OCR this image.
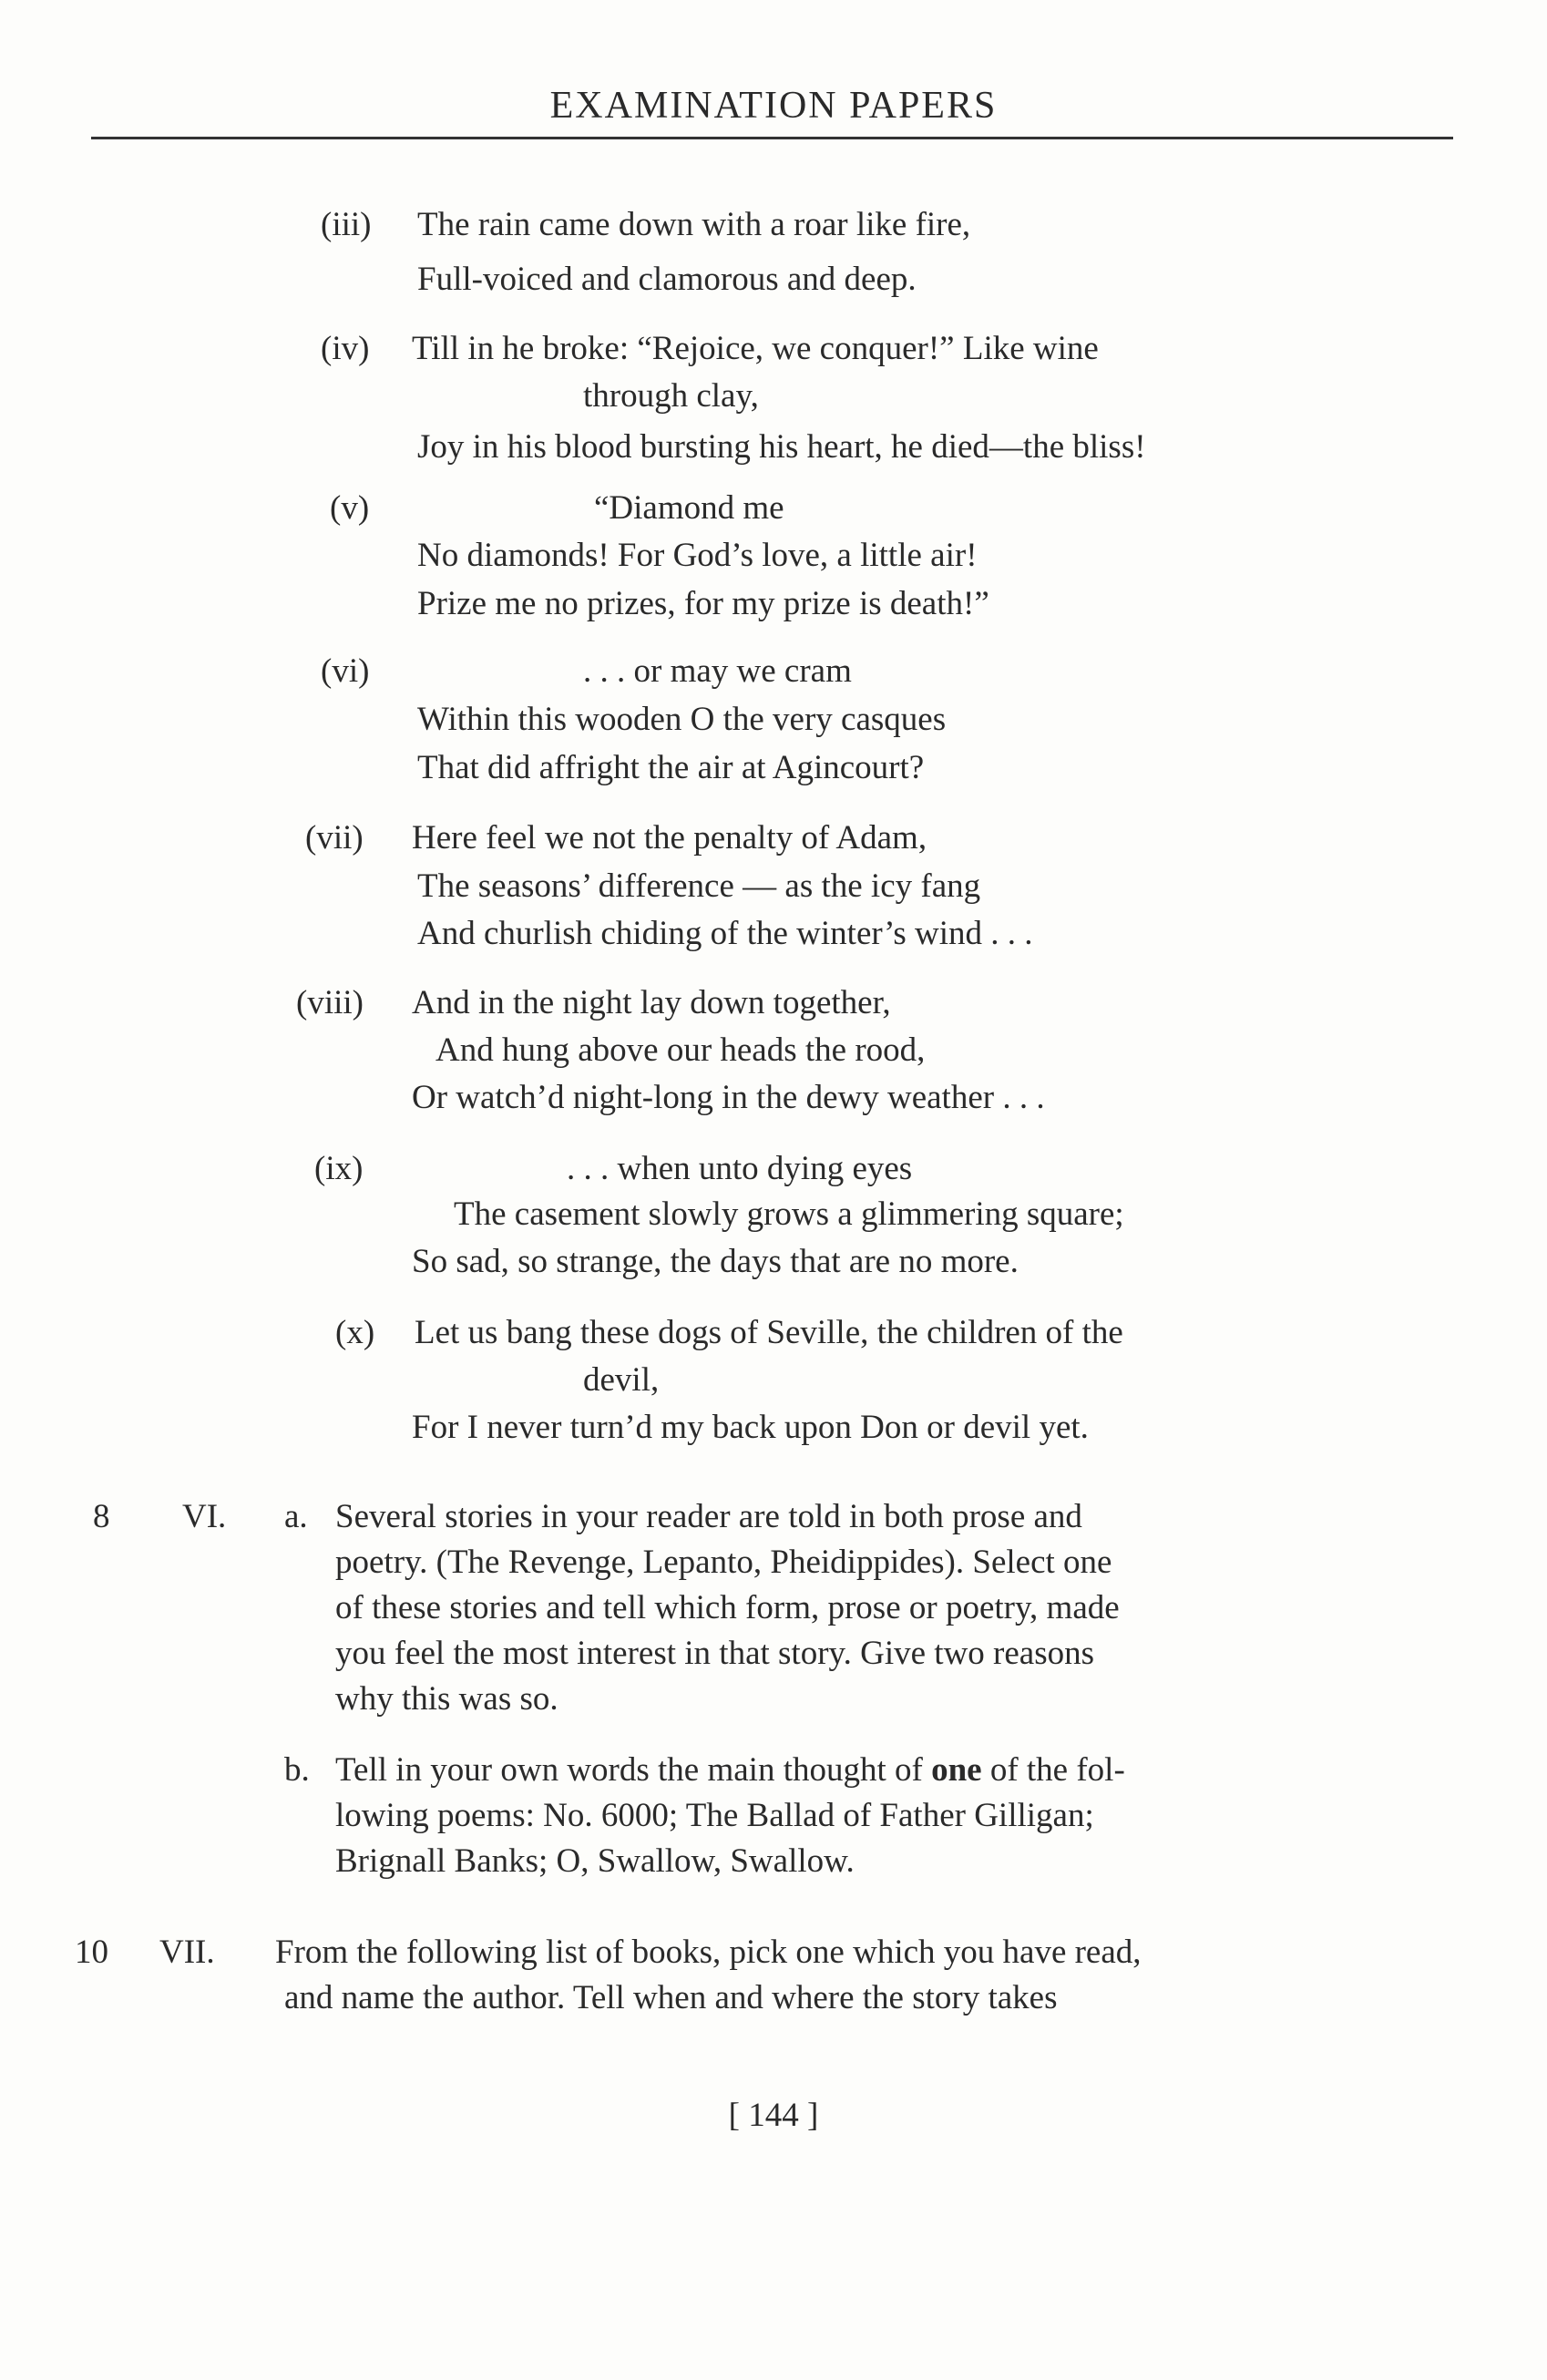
EXAMINATION PAPERS
(iii) The rain came down with a roar like fire,
Full-voiced and clamorous and deep.
(iv) Till in he broke: “Rejoice, we conquer!” Like wine
through clay,
Joy in his blood bursting his heart, he died—the bliss!
(v)	“Diamond me
No diamonds! For God’s love, a little air!
Prize me no prizes, for my prize is death!”
(vi)	. . . or may we cram
Within this wooden O the very casques
That did affright the air at Agincourt?
(vii) Here feel we not the penalty of Adam,
The seasons’ difference — as the icy fang
And churlish chiding of the winter’s wind . . .
(viii) And in the night lay down together,
And hung above our heads the rood,
Or watch’d night-long in the dewy weather . . .
(ix)	. . . when unto dying eyes
The casement slowly grows a glimmering square;
So sad, so strange, the days that are no more.
(x) Let us bang these dogs of Seville, the children of the
devil,
For I never turn’d my back upon Don or devil yet.
8 VI. a. Several stories in your reader are told in both prose and
poetry. (The Revenge, Lepanto, Pheidippides). Select one
of these stories and tell which form, prose or poetry, made
you feel the most interest in that story. Give two reasons
why this was so.
b. Tell in your own words the main thought of one of the fol-
lowing poems: No. 6000; The Ballad of Father Gilligan;
Brignall Banks; O, Swallow, Swallow.
10 VII. From the following list of books, pick one which you have read,
and name the author. Tell when and where the story takes
[ 144 ]
